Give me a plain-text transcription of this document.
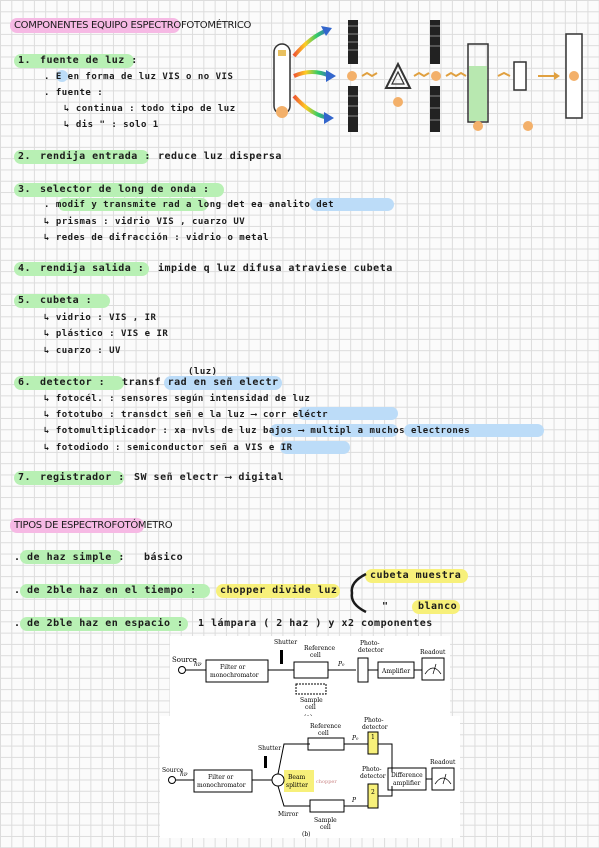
COMPONENTES EQUIPO ESPECTROFOTOMÉTRICO
1. fuente de luz :
. E en forma de luz VIS o no VIS
. fuente :
↳ continua : todo tipo de luz
↳ dis " : solo 1
2. rendija entrada : reduce luz dispersa
3. selector de long de onda :
. modif y transmite rad a long det ea analito det
↳ prismas : vidrio VIS , cuarzo UV
↳ redes de difracción : vidrio o metal
4. rendija salida : impide q luz difusa atraviese cubeta
5. cubeta :
↳ vidrio : VIS , IR
↳ plástico : VIS e IR
↳ cuarzo : UV
(luz)
6. detector : transf rad en señ electr
↳ fotocél. : sensores según intensidad de luz
↳ fototubo : transdct señ e la luz ⟶ corr eléctr
↳ fotomultiplicador : xa nvls de luz bajos ⟶ multipl a muchos electrones
↳ fotodiodo : semiconductor señ a VIS e IR
7. registrador : SW señ electr ⟶ digital
TIPOS DE ESPECTROFOTÓMETRO
. de haz simple : básico
. de 2ble haz en el tiempo : chopper divide luz
cubeta muestra
"	blanco
. de 2ble haz en espacio : 1 lámpara ( 2 haz ) y x2 componentes
Source
hν	Filter or
monochromator
Shutter
Reference
cell
P₀
Photo-
detector
Amplifier
Readout
Sample
cell
Source
hν	Filter or
monochromator
Shutter
Beam
splitter chopper
Reference
cell
P₀
Photo-
detector
1
Mirror
P
Photo-
detector
2
Sample
cell
Difference
amplifier
Readout
(b)
